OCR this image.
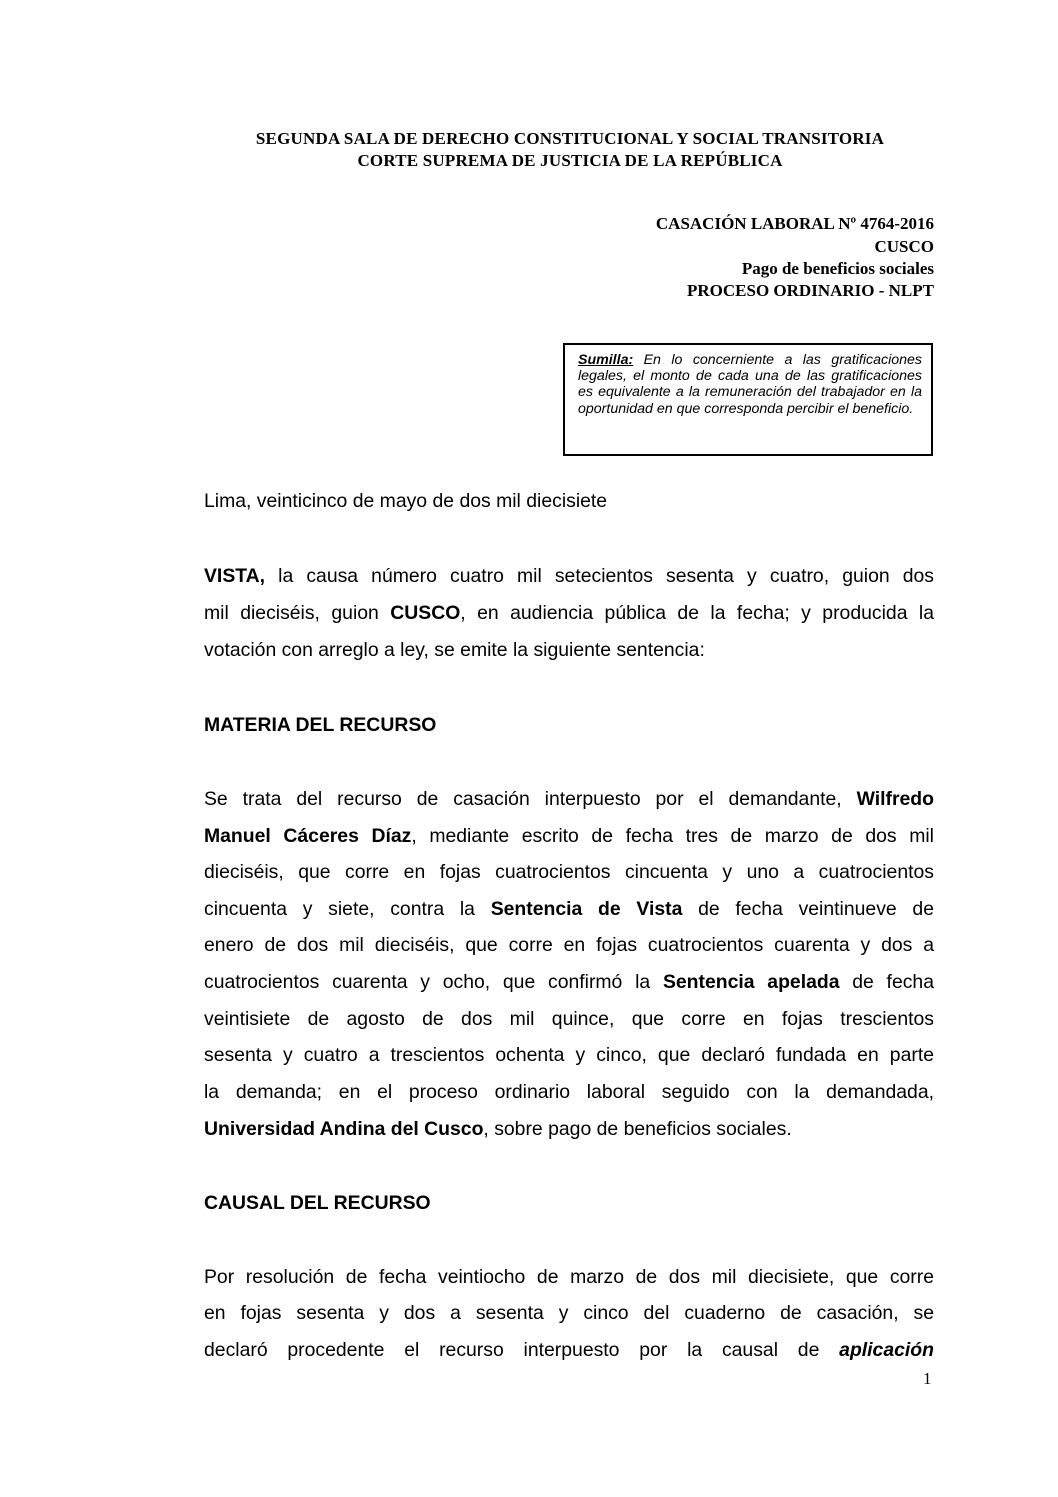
SEGUNDA SALA DE DERECHO CONSTITUCIONAL Y SOCIAL TRANSITORIA
CORTE SUPREMA DE JUSTICIA DE LA REPÚBLICA
CASACIÓN LABORAL Nº 4764-2016
CUSCO
Pago de beneficios sociales
PROCESO ORDINARIO - NLPT
Sumilla: En lo concerniente a las gratificaciones legales, el monto de cada una de las gratificaciones es equivalente a la remuneración del trabajador en la oportunidad en que corresponda percibir el beneficio.
Lima, veinticinco de mayo de dos mil diecisiete
VISTA, la causa número cuatro mil setecientos sesenta y cuatro, guion dos
mil dieciséis, guion CUSCO, en audiencia pública de la fecha; y producida la
votación con arreglo a ley, se emite la siguiente sentencia:
MATERIA DEL RECURSO
Se trata del recurso de casación interpuesto por el demandante, Wilfredo
Manuel Cáceres Díaz, mediante escrito de fecha tres de marzo de dos mil
dieciséis, que corre en fojas cuatrocientos cincuenta y uno a cuatrocientos
cincuenta y siete, contra la Sentencia de Vista de fecha veintinueve de
enero de dos mil dieciséis, que corre en fojas cuatrocientos cuarenta y dos a
cuatrocientos cuarenta y ocho, que confirmó la Sentencia apelada de fecha
veintisiete de agosto de dos mil quince, que corre en fojas trescientos
sesenta y cuatro a trescientos ochenta y cinco, que declaró fundada en parte
la demanda; en el proceso ordinario laboral seguido con la demandada,
Universidad Andina del Cusco, sobre pago de beneficios sociales.
CAUSAL DEL RECURSO
Por resolución de fecha veintiocho de marzo de dos mil diecisiete, que corre
en fojas sesenta y dos a sesenta y cinco del cuaderno de casación, se
declaró procedente el recurso interpuesto por la causal de aplicación
1
